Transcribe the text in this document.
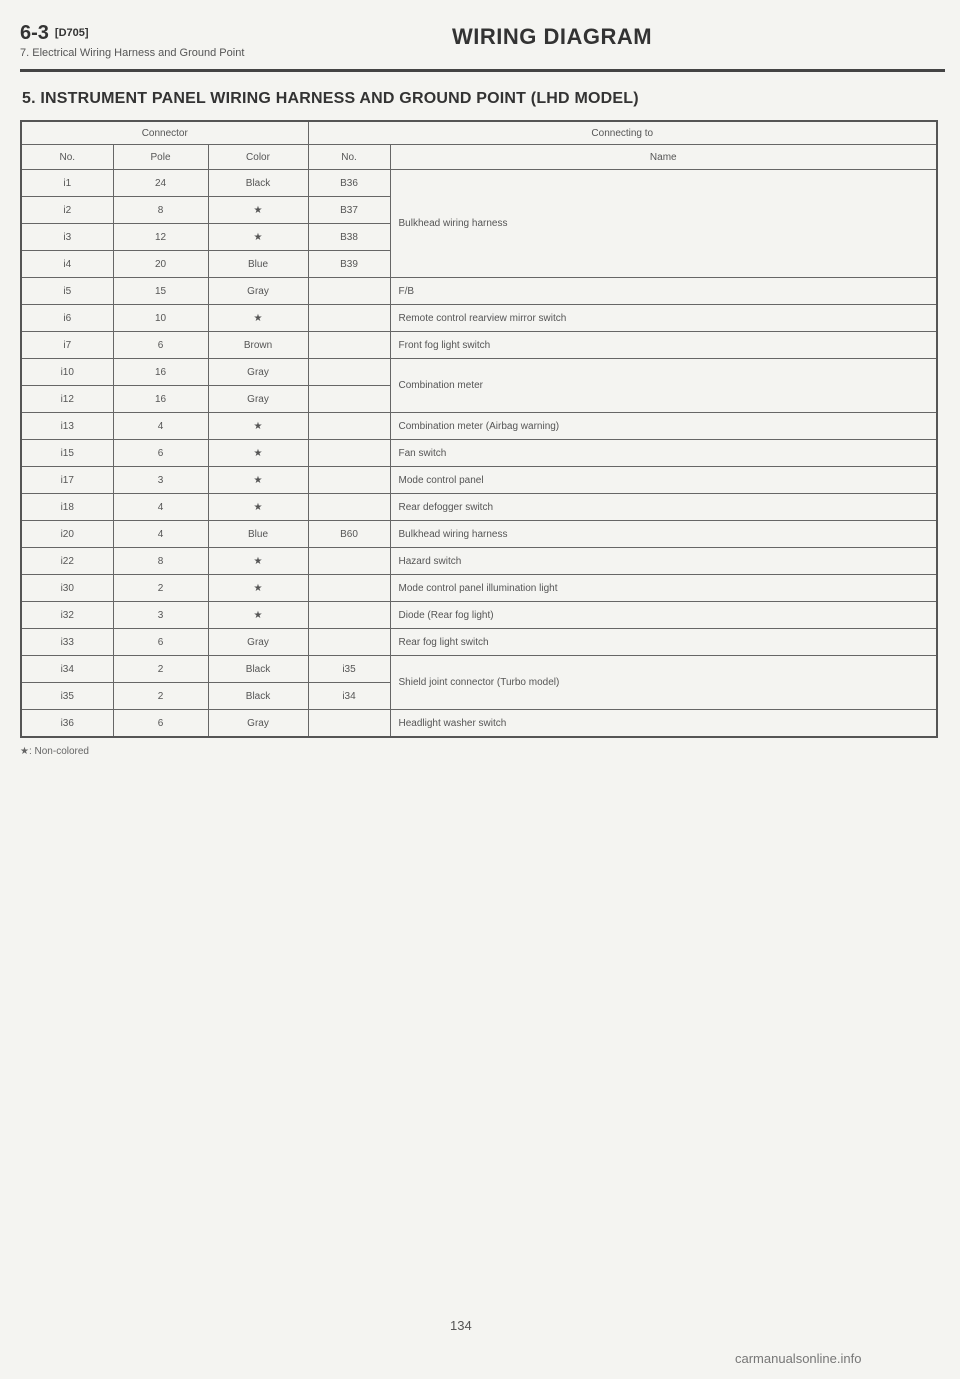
6-3 [D705]	WIRING DIAGRAM
7. Electrical Wiring Harness and Ground Point
5. INSTRUMENT PANEL WIRING HARNESS AND GROUND POINT (LHD MODEL)
Connector			Connecting to	
No.	Pole	Color	No.	Name
i1	24	Black	B36	Bulkhead wiring harness
i2	8	★	B37	
i3	12	★	B38	
i4	20	Blue	B39	
i5	15	Gray		F/B
i6	10	★		Remote control rearview mirror switch
i7	6	Brown		Front fog light switch
i10	16	Gray		Combination meter
i12	16	Gray		
i13	4	★		Combination meter (Airbag warning)
i15	6	★		Fan switch
i17	3	★		Mode control panel
i18	4	★		Rear defogger switch
i20	4	Blue	B60	Bulkhead wiring harness
i22	8	★		Hazard switch
i30	2	★		Mode control panel illumination light
i32	3	★		Diode (Rear fog light)
i33	6	Gray		Rear fog light switch
i34	2	Black	i35	Shield joint connector (Turbo model)
i35	2	Black	i34	
i36	6	Gray		Headlight washer switch
★: Non-colored
134
carmanualsonline.info
